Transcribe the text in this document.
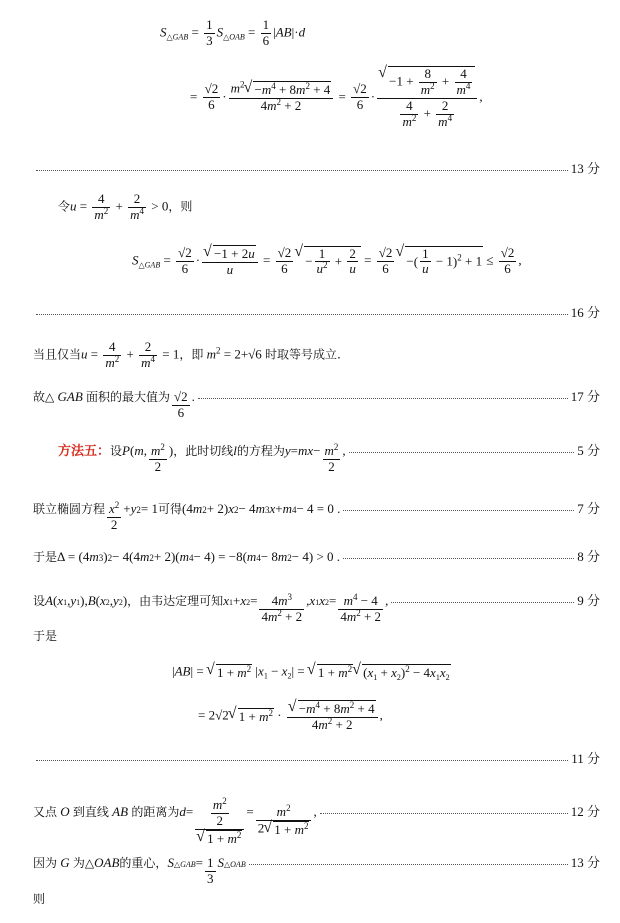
$S_{\triangle GAB} = \frac{1}{3} S_{\triangle OAB} = \frac{1}{6} |AB|\cdot d$
= $\frac{√2}{6} \cdot \frac{m^2√ -m^4 + 8m^2 + 4}{4m^2 + 2} = \frac{√2}{6}$ ·
√ $\frac{-1 + \frac{8}{m^2} + \frac{4}{m^4}}{\frac{4}{m^2} + \frac{2}{m^4}}$ ,
13 分
令$u = \frac{4}{m^2} + \frac{2}{m^4} > 0$，则
$S_{\triangle GAB} = \frac{√2}{6}$ ·
√ $\frac{-1 + 2u}{u} = \frac{√2}{6}$
√ − $\frac{1}{u^2} + \frac{2}{u} = \frac{√2}{6}$
√ −( $\frac{1}{u} - 1)^2 + 1 \le \frac{√2}{6}$ ,
16 分
当且仅当$u = \frac{4}{m^2} + \frac{2}{m^4} = 1$，即 $m^2 = 2+√6$ 时取等号成立.
故△ GAB 面积的最大值为 $\frac{√2}{6}$ .	17 分
方法五： 设 P ( m , $\frac{m^2}{2}$ ) ，此时切线 l 的方程为 y = mx − $\frac{m^2}{2}$ ,	5 分
联立椭圆方程 $\frac{x^2}{2} + y$ 2 = 1 可得 (4 m 2 + 2) x 2 − 4 m 3 x + m 4 − 4 = 0 .	7 分
于是 Δ = (4 m 3 ) 2 − 4(4 m 2 + 2)( m 4 − 4) = −8( m 4 − 8 m 2 − 4) > 0 .	8 分
设 A ( x 1 , y 1 ), B ( x 2 , y 2 ) ，由韦达定理可知 x 1 + x $2 = \frac{4m^3}{4m^2 + 2}$ , x 1 x $2 = \frac{m^4 - 4}{4m^2 + 2}$ ,	9 分
于是
|AB| = √ $1 + m^2$ $|x_1 - x_2|$ = √ $1 + m^2√$ $(x_1 + x_2)^2 - 4x_1x_2$
= 2√2√ $1 + m^2$ ·
√ $\frac{-m^4 + 8m^2 + 4}{4m^2 + 2}$ ,
11 分
又点 O 到直线 AB 的距离为 $d = \frac{m^2}{2}$
√ $1 + m^2 = \frac{m^2}{2√ 1 + m^2}$ ,	12 分
因为 G 为△ OAB 的重心， S △GAB = $\frac{1}{3}$ S △OAB	13 分
则
